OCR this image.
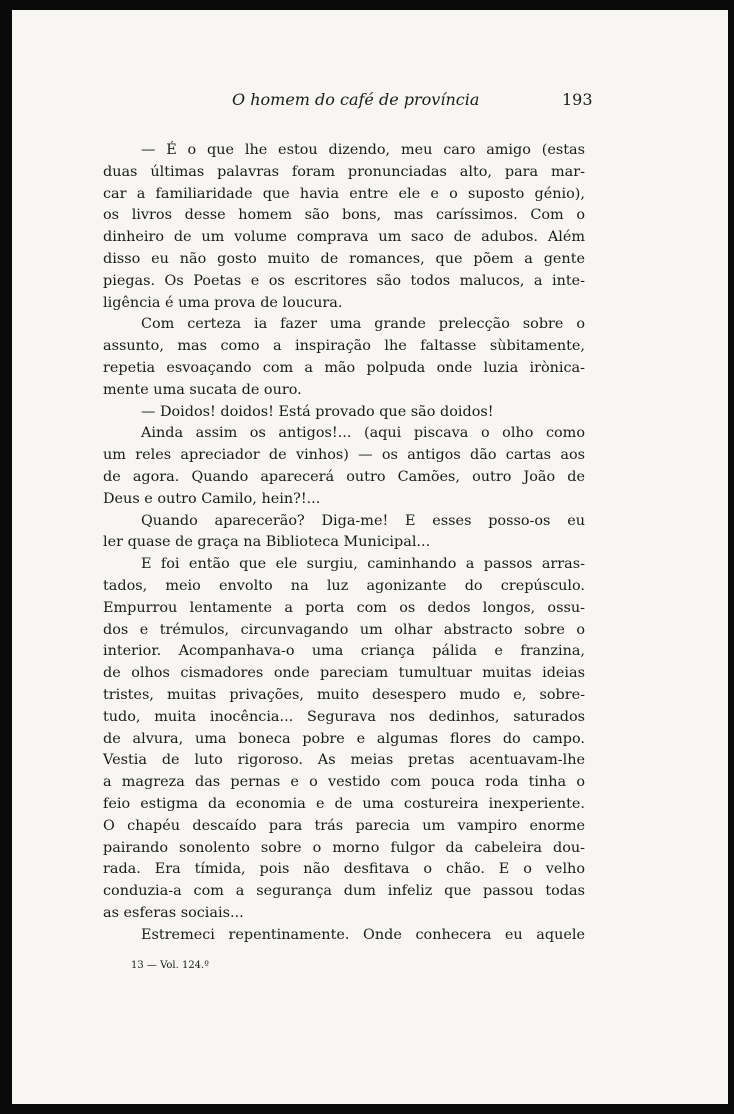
O homem do café de província	193
— É o que lhe estou dizendo, meu caro amigo (estas
duas últimas palavras foram pronunciadas alto, para mar-
car a familiaridade que havia entre ele e o suposto génio),
os livros desse homem são bons, mas caríssimos. Com o
dinheiro de um volume comprava um saco de adubos. Além
disso eu não gosto muito de romances, que põem a gente
piegas. Os Poetas e os escritores são todos malucos, a inte-
ligência é uma prova de loucura.
Com certeza ia fazer uma grande prelecção sobre o
assunto, mas como a inspiração lhe faltasse sùbitamente,
repetia esvoaçando com a mão polpuda onde luzia irònica-
mente uma sucata de ouro.
— Doidos! doidos! Está provado que são doidos!
Ainda assim os antigos!... (aqui piscava o olho como
um reles apreciador de vinhos) — os antigos dão cartas aos
de agora. Quando aparecerá outro Camões, outro João de
Deus e outro Camilo, hein?!...
Quando aparecerão? Diga-me! E esses posso-os eu
ler quase de graça na Biblioteca Municipal...
E foi então que ele surgiu, caminhando a passos arras-
tados, meio envolto na luz agonizante do crepúsculo.
Empurrou lentamente a porta com os dedos longos, ossu-
dos e trémulos, circunvagando um olhar abstracto sobre o
interior. Acompanhava-o uma criança pálida e franzina,
de olhos cismadores onde pareciam tumultuar muitas ideias
tristes, muitas privações, muito desespero mudo e, sobre-
tudo, muita inocência... Segurava nos dedinhos, saturados
de alvura, uma boneca pobre e algumas flores do campo.
Vestia de luto rigoroso. As meias pretas acentuavam-lhe
a magreza das pernas e o vestido com pouca roda tinha o
feio estigma da economia e de uma costureira inexperiente.
O chapéu descaído para trás parecia um vampiro enorme
pairando sonolento sobre o morno fulgor da cabeleira dou-
rada. Era tímida, pois não desfitava o chão. E o velho
conduzia-a com a segurança dum infeliz que passou todas
as esferas sociais...
Estremeci repentinamente. Onde conhecera eu aquele
13 — Vol. 124.º
